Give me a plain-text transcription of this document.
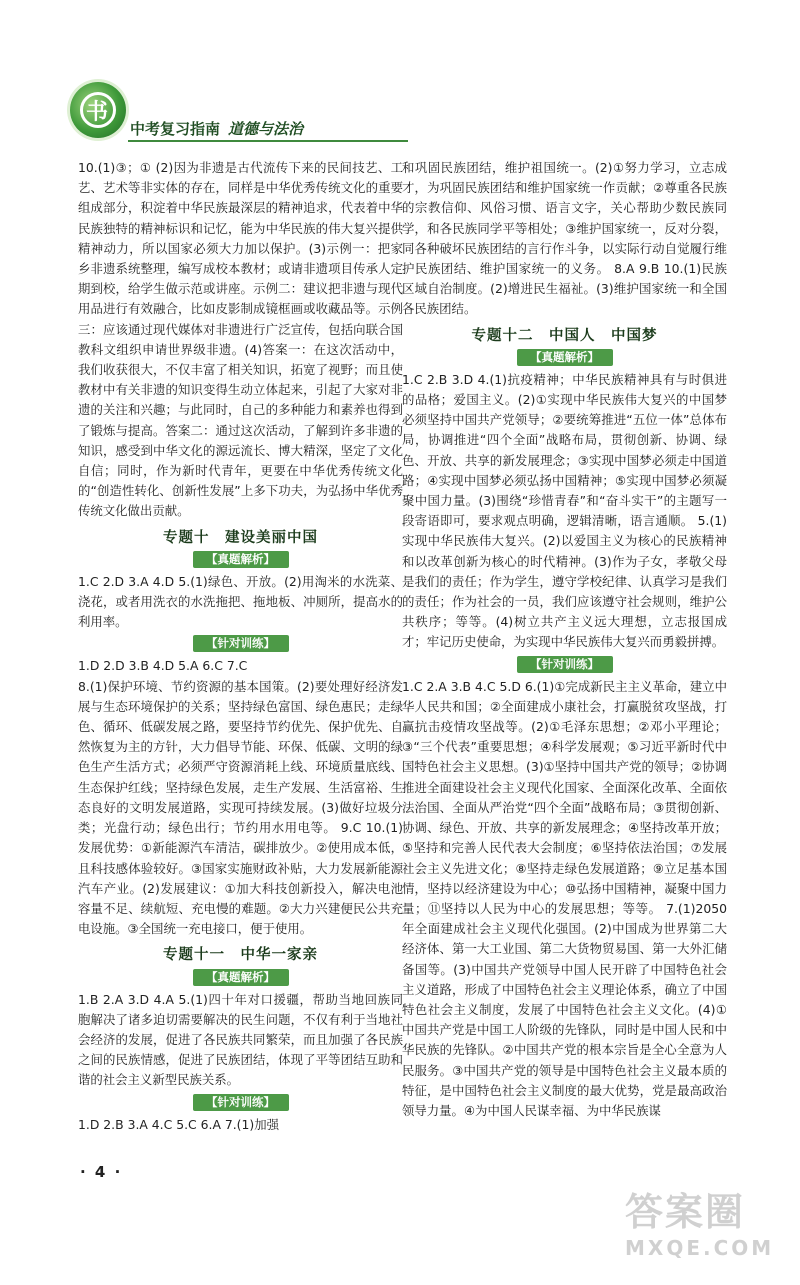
书
中考复习指南 道德与法治

10.(1)③；① (2)因为非遗是古代流传下来的民间技艺、工艺、艺术等非实体的存在，同样是中华优秀传统文化的重要组成部分，积淀着中华民族最深层的精神追求，代表着中华民族独特的精神标识和记忆，能为中华民族的伟大复兴提供精神动力，所以国家必须大力加以保护。(3)示例一：把家乡非遗系统整理，编写成校本教材；或请非遗项目传承人定期到校，给学生做示范或讲座。示例二：建议把非遗与现代用品进行有效融合，比如皮影制成镜框画或收藏品等。示例三：应该通过现代媒体对非遗进行广泛宣传，包括向联合国教科文组织申请世界级非遗。(4)答案一：在这次活动中，我们收获很大，不仅丰富了相关知识，拓宽了视野；而且使教材中有关非遗的知识变得生动立体起来，引起了大家对非遗的关注和兴趣；与此同时，自己的多种能力和素养也得到了锻炼与提高。答案二：通过这次活动，了解到许多非遗的知识，感受到中华文化的源远流长、博大精深，坚定了文化自信；同时，作为新时代青年，更要在中华优秀传统文化的“创造性转化、创新性发展”上多下功夫，为弘扬中华优秀传统文化做出贡献。

专题十　建设美丽中国
【 真题解析 】

1.C 2.D 3.A 4.D 5.(1)绿色、开放。(2)用淘米的水洗菜、浇花，或者用洗衣的水洗拖把、拖地板、冲厕所，提高水的利用率。

【 针对训练 】

1.D 2.D 3.B 4.D 5.A 6.C 7.C

8.(1)保护环境、节约资源的基本国策。(2)要处理好经济发展与生态环境保护的关系；坚持绿色富国、绿色惠民；走绿色、循环、低碳发展之路，要坚持节约优先、保护优先、自然恢复为主的方针，大力倡导节能、环保、低碳、文明的绿色生产生活方式；必须严守资源消耗上线、环境质量底线、生态保护红线；坚持绿色发展，走生产发展、生活富裕、生态良好的文明发展道路，实现可持续发展。(3)做好垃圾分类；光盘行动；绿色出行；节约用水用电等。 9.C 10.(1)发展优势：①新能源汽车清洁，碳排放少。②使用成本低，且科技感体验较好。③国家实施财政补贴，大力发展新能源汽车产业。(2)发展建议：①加大科技创新投入，解决电池容量不足、续航短、充电慢的难题。②大力兴建便民公共充电设施。③全国统一充电接口，便于使用。

专题十一　中华一家亲
【 真题解析 】

1.B 2.A 3.D 4.A 5.(1)四十年对口援疆，帮助当地回族同胞解决了诸多迫切需要解决的民生问题，不仅有利于当地社会经济的发展，促进了各民族共同繁荣，而且加强了各民族之间的民族情感，促进了民族团结，体现了平等团结互助和谐的社会主义新型民族关系。

【 针对训练 】

1.D 2.B 3.A 4.C 5.C 6.A 7.(1)加强

和巩固民族团结，维护祖国统一。(2)①努力学习，立志成才，为巩固民族团结和维护国家统一作贡献；②尊重各民族的宗教信仰、风俗习惯、语言文字，关心帮助少数民族同学，和各民族同学平等相处；③维护国家统一，反对分裂，同各种破坏民族团结的言行作斗争，以实际行动自觉履行维护民族团结、维护国家统一的义务。 8.A 9.B 10.(1)民族区域自治制度。(2)增进民生福祉。(3)维护国家统一和全国各民族团结。

专题十二　中国人　中国梦
【 真题解析 】

1.C 2.B 3.D 4.(1)抗疫精神；中华民族精神具有与时俱进的品格；爱国主义。(2)①实现中华民族伟大复兴的中国梦必须坚持中国共产党领导；②要统筹推进“五位一体”总体布局，协调推进“四个全面”战略布局，贯彻创新、协调、绿色、开放、共享的新发展理念；③实现中国梦必须走中国道路；④实现中国梦必须弘扬中国精神；⑤实现中国梦必须凝聚中国力量。(3)围绕“珍惜青春”和“奋斗实干”的主题写一段寄语即可，要求观点明确，逻辑清晰，语言通顺。 5.(1)实现中华民族伟大复兴。(2)以爱国主义为核心的民族精神和以改革创新为核心的时代精神。(3)作为子女，孝敬父母是我们的责任；作为学生，遵守学校纪律、认真学习是我们的责任；作为社会的一员，我们应该遵守社会规则，维护公共秩序；等等。(4)树立共产主义远大理想，立志报国成才；牢记历史使命，为实现中华民族伟大复兴而勇毅拼搏。

【 针对训练 】

1.C 2.A 3.B 4.C 5.D 6.(1)①完成新民主主义革命，建立中华人民共和国；②全面建成小康社会，打赢脱贫攻坚战，打赢抗击疫情攻坚战等。(2)①毛泽东思想；②邓小平理论；③“三个代表”重要思想；④科学发展观；⑤习近平新时代中国特色社会主义思想。(3)①坚持中国共产党的领导；②协调推进全面建设社会主义现代化国家、全面深化改革、全面依法治国、全面从严治党“四个全面”战略布局；③贯彻创新、协调、绿色、开放、共享的新发展理念；④坚持改革开放；⑤坚持和完善人民代表大会制度；⑥坚持依法治国；⑦发展社会主义先进文化；⑧坚持走绿色发展道路；⑨立足基本国情，坚持以经济建设为中心；⑩弘扬中国精神，凝聚中国力量；⑪坚持以人民为中心的发展思想；等等。 7.(1)2050年全面建成社会主义现代化强国。(2)中国成为世界第二大经济体、第一大工业国、第二大货物贸易国、第一大外汇储备国等。(3)中国共产党领导中国人民开辟了中国特色社会主义道路，形成了中国特色社会主义理论体系，确立了中国特色社会主义制度，发展了中国特色社会主义文化。(4)①中国共产党是中国工人阶级的先锋队，同时是中国人民和中华民族的先锋队。②中国共产党的根本宗旨是全心全意为人民服务。③中国共产党的领导是中国特色社会主义最本质的特征，是中国特色社会主义制度的最大优势，党是最高政治领导力量。④为中国人民谋幸福、为中华民族谋

· 4 ·
答案圈
MXQE.COM
